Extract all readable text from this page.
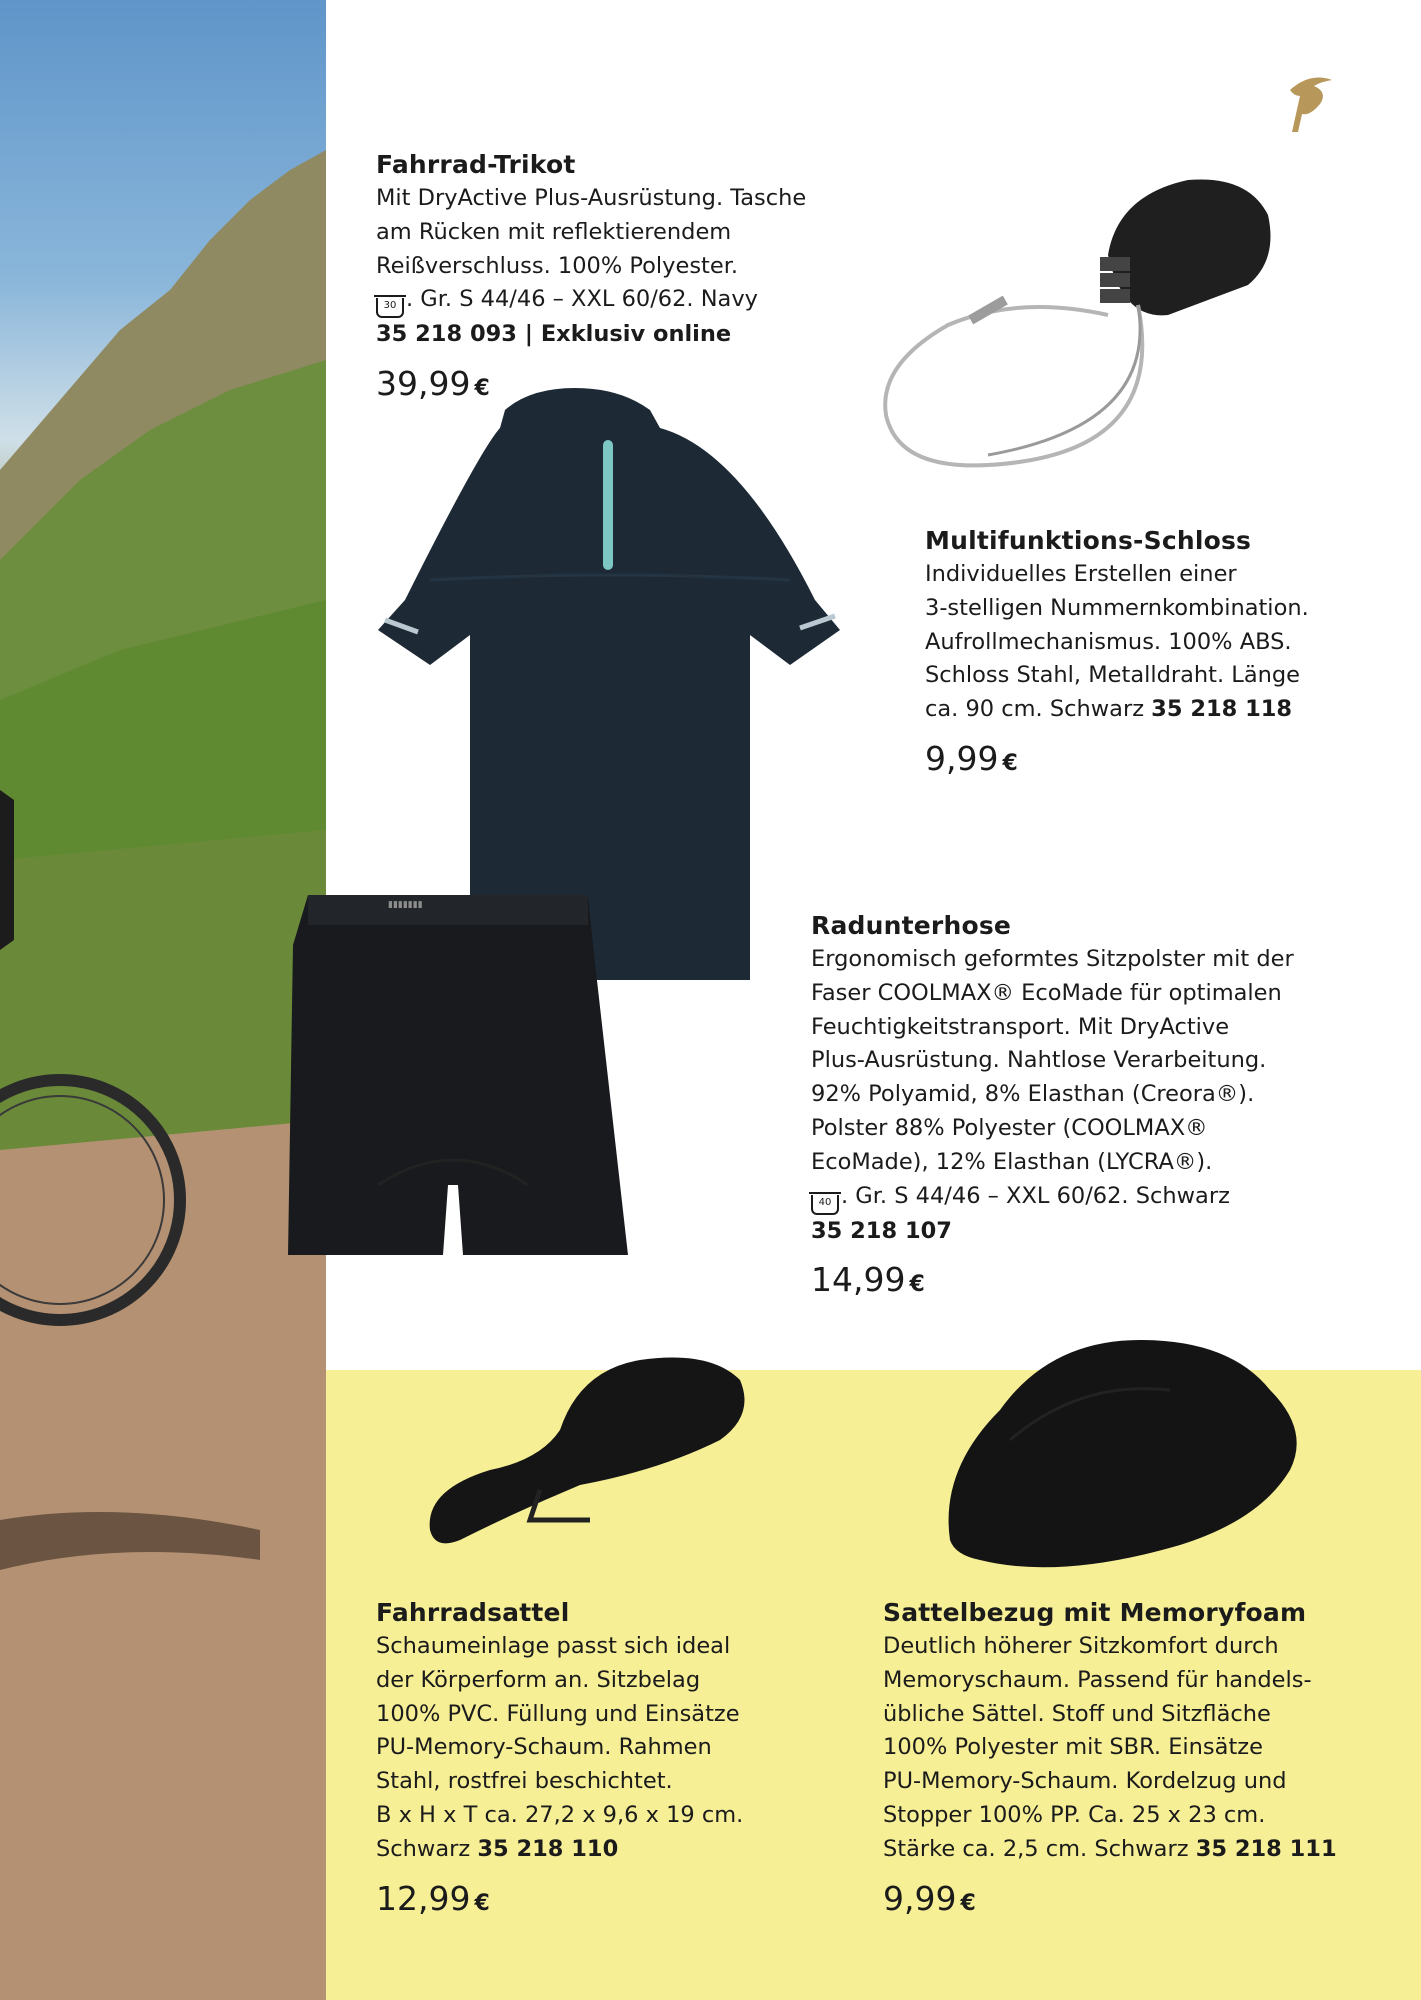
▮▮▮▮▮▮▮

Fahrrad-Trikot

Mit DryActive Plus-Ausrüstung. Tasche

am Rücken mit reflektierendem

Reißverschluss. 100% Polyester.

30 . Gr. S 44/46 – XXL 60/62. Navy

35 218 093 | Exklusiv online

39,99 €

Multifunktions-Schloss

Individuelles Erstellen einer

3-stelligen Nummernkombination.

Aufrollmechanismus. 100% ABS.

Schloss Stahl, Metalldraht. Länge

ca. 90 cm. Schwarz 35 218 118

9,99 €

Radunterhose

Ergonomisch geformtes Sitzpolster mit der

Faser COOLMAX® EcoMade für optimalen

Feuchtigkeitstransport. Mit DryActive

Plus-Ausrüstung. Nahtlose Verarbeitung.

92% Polyamid, 8% Elasthan (Creora®).

Polster 88% Polyester (COOLMAX®

EcoMade), 12% Elasthan (LYCRA®).

40 . Gr. S 44/46 – XXL 60/62. Schwarz

35 218 107

14,99 €

Fahrradsattel

Schaumeinlage passt sich ideal

der Körperform an. Sitzbelag

100% PVC. Füllung und Einsätze

PU-Memory-Schaum. Rahmen

Stahl, rostfrei beschichtet.

B x H x T ca. 27,2 x 9,6 x 19 cm.

Schwarz 35 218 110

12,99 €

Sattelbezug mit Memoryfoam

Deutlich höherer Sitzkomfort durch

Memoryschaum. Passend für handels-

übliche Sättel. Stoff und Sitzfläche

100% Polyester mit SBR. Einsätze

PU-Memory-Schaum. Kordelzug und

Stopper 100% PP. Ca. 25 x 23 cm.

Stärke ca. 2,5 cm. Schwarz 35 218 111

9,99 €
